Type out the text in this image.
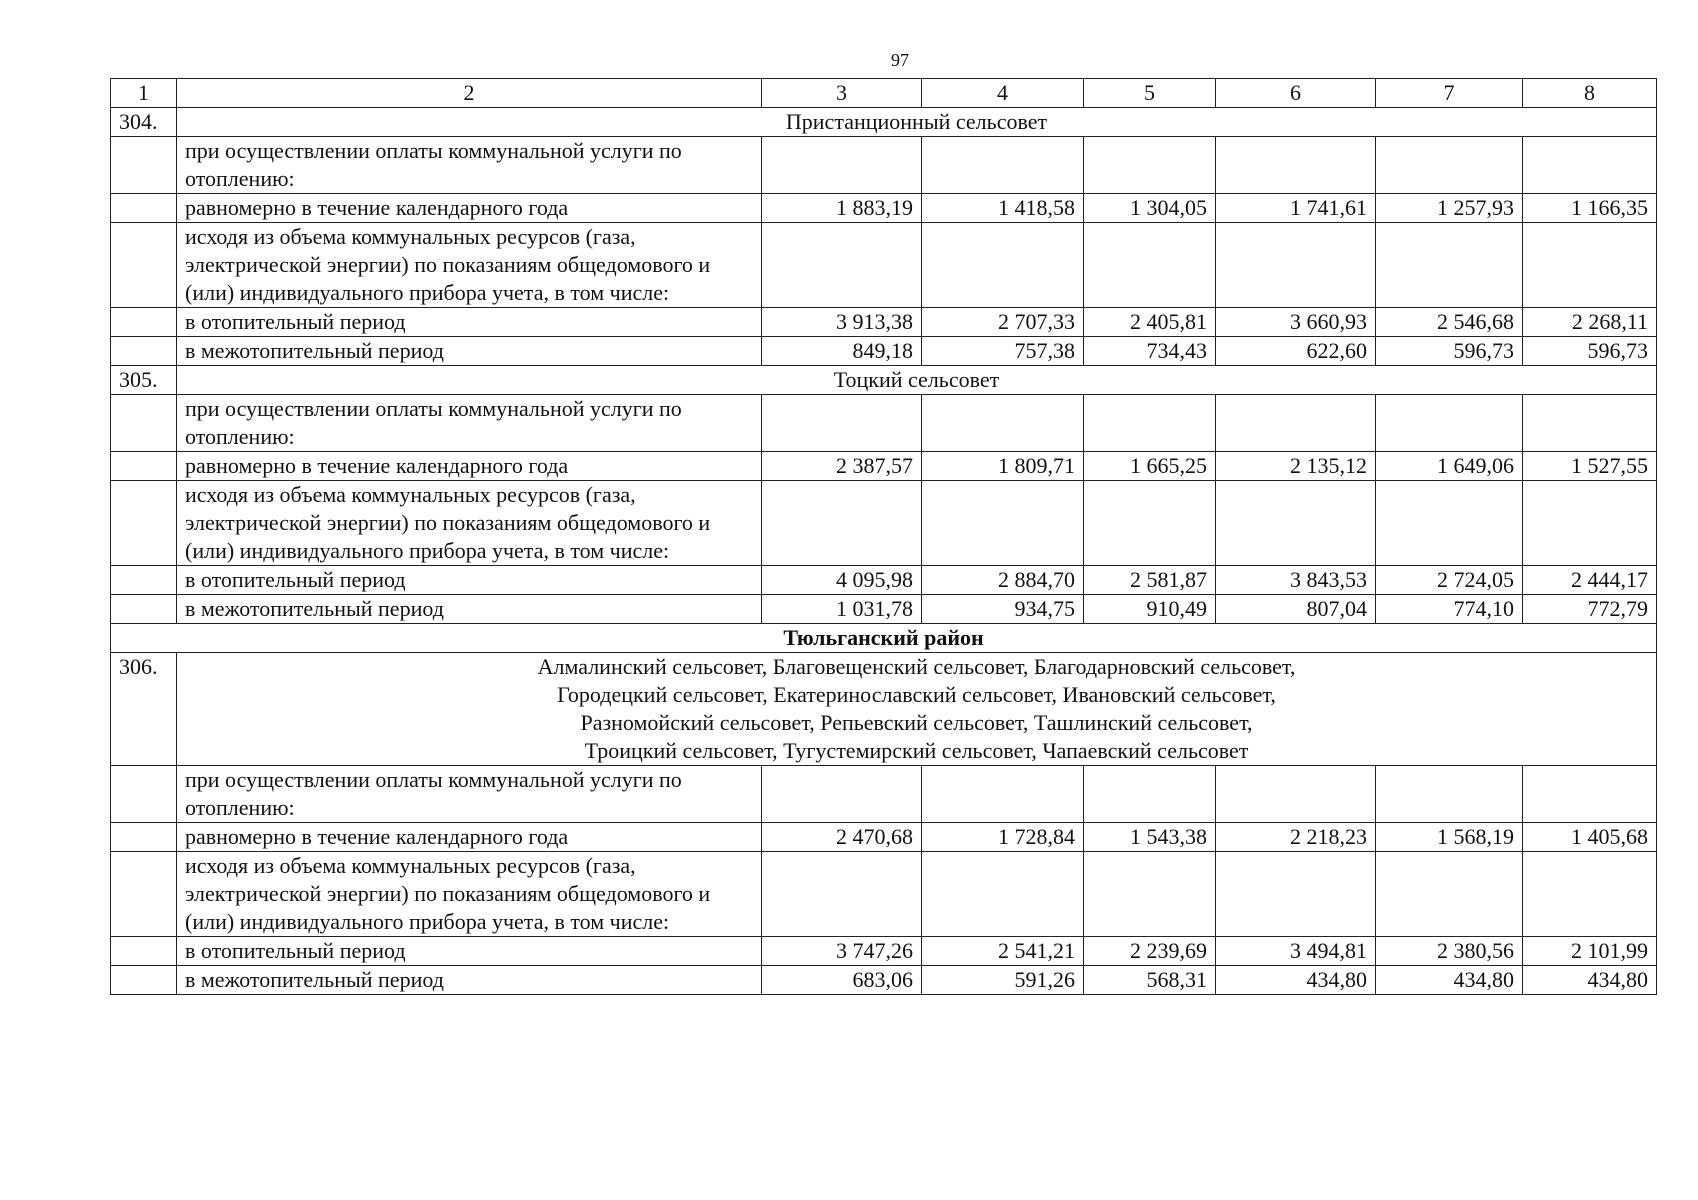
97
1	2	3	4	5	6	7	8
304.	Пристанционный сельсовет						
	при осуществлении оплаты коммунальной услуги по отоплению:						
	равномерно в течение календарного года	1 883,19	1 418,58	1 304,05	1 741,61	1 257,93	1 166,35
	исходя из объема коммунальных ресурсов (газа, электрической энергии) по показаниям общедомового и (или) индивидуального прибора учета, в том числе:						
	в отопительный период	3 913,38	2 707,33	2 405,81	3 660,93	2 546,68	2 268,11
	в межотопительный период	849,18	757,38	734,43	622,60	596,73	596,73
305.	Тоцкий сельсовет						
	при осуществлении оплаты коммунальной услуги по отоплению:						
	равномерно в течение календарного года	2 387,57	1 809,71	1 665,25	2 135,12	1 649,06	1 527,55
	исходя из объема коммунальных ресурсов (газа, электрической энергии) по показаниям общедомового и (или) индивидуального прибора учета, в том числе:						
	в отопительный период	4 095,98	2 884,70	2 581,87	3 843,53	2 724,05	2 444,17
	в межотопительный период	1 031,78	934,75	910,49	807,04	774,10	772,79
Тюльганский район							
306.	Алмалинский сельсовет, Благовещенский сельсовет, Благодарновский сельсовет,
Городецкий сельсовет, Екатеринославский сельсовет, Ивановский сельсовет,
Разномойский сельсовет, Репьевский сельсовет, Ташлинский сельсовет,
Троицкий сельсовет, Тугустемирский сельсовет, Чапаевский сельсовет						

	при осуществлении оплаты коммунальной услуги по отоплению:						
	равномерно в течение календарного года	2 470,68	1 728,84	1 543,38	2 218,23	1 568,19	1 405,68
	исходя из объема коммунальных ресурсов (газа, электрической энергии) по показаниям общедомового и (или) индивидуального прибора учета, в том числе:						
	в отопительный период	3 747,26	2 541,21	2 239,69	3 494,81	2 380,56	2 101,99
	в межотопительный период	683,06	591,26	568,31	434,80	434,80	434,80
